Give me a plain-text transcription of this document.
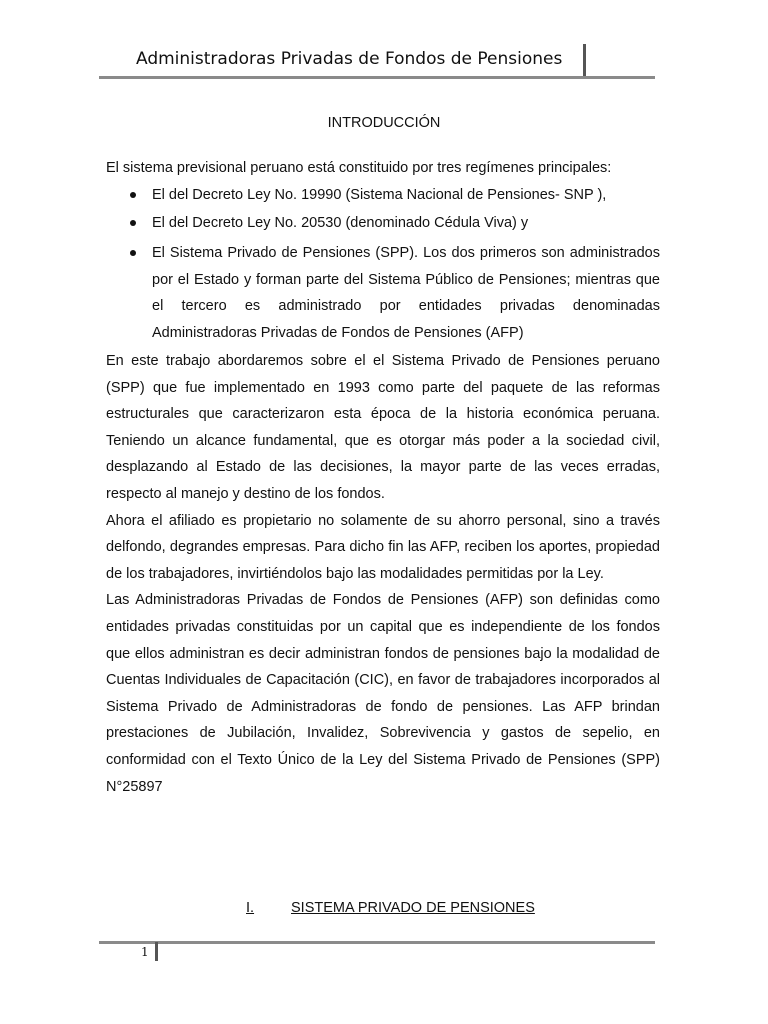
Administradoras Privadas de Fondos de Pensiones
INTRODUCCIÓN
El sistema previsional peruano está constituido por tres regímenes principales:
El del Decreto Ley No. 19990 (Sistema Nacional de Pensiones- SNP ),
El del Decreto Ley No. 20530 (denominado Cédula Viva) y
El Sistema Privado de Pensiones (SPP). Los dos primeros son administrados por el Estado y forman parte del Sistema Público de Pensiones; mientras que el tercero es administrado por entidades privadas denominadas Administradoras Privadas de Fondos de Pensiones (AFP)

En este trabajo abordaremos sobre el el Sistema Privado de Pensiones peruano (SPP) que fue implementado en 1993 como parte del paquete de las reformas estructurales que caracterizaron esta época de la historia económica peruana. Teniendo un alcance fundamental, que es otorgar más poder a la sociedad civil, desplazando al Estado de las decisiones, la mayor parte de las veces erradas, respecto al manejo y destino de los fondos.

Ahora el afiliado es propietario no solamente de su ahorro personal, sino a través delfondo, degrandes empresas. Para dicho fin las AFP, reciben los aportes, propiedad de los trabajadores, invirtiéndolos bajo las modalidades permitidas por la Ley.

Las Administradoras Privadas de Fondos de Pensiones (AFP) son definidas como entidades privadas constituidas por un capital que es independiente de los fondos que ellos administran es decir administran fondos de pensiones bajo la modalidad de Cuentas Individuales de Capacitación (CIC), en favor de trabajadores incorporados al Sistema Privado de Administradoras de fondo de pensiones. Las AFP brindan prestaciones de Jubilación, Invalidez, Sobrevivencia y gastos de sepelio, en conformidad con el Texto Único de la Ley del Sistema Privado de Pensiones (SPP) N°25897

I.	SISTEMA PRIVADO DE PENSIONES
1
